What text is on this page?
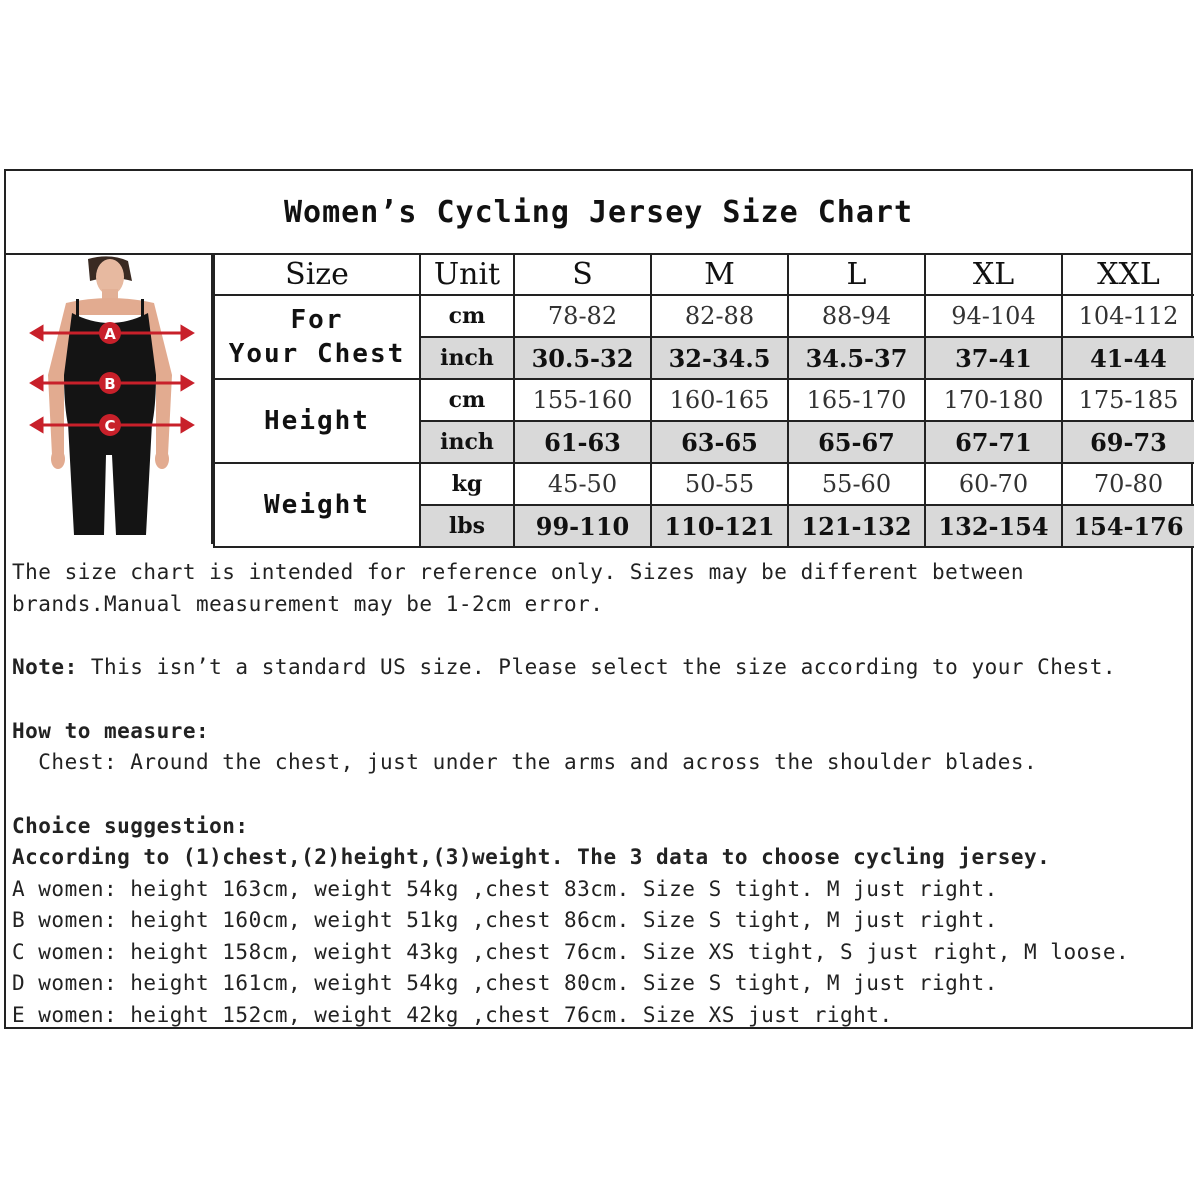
Women’s Cycling Jersey Size Chart
A
B
C
Size	Unit	S	M	L	XL	XXL

For
Your Chest	cm	78-82	82-88	88-94	94-104	104-112
	inch	30.5-32	32-34.5	34.5-37	37-41	41-44
Height	cm	155-160	160-165	165-170	170-180	175-185
	inch	61-63	63-65	65-67	67-71	69-73
Weight	kg	45-50	50-55	55-60	60-70	70-80
	lbs	99-110	110-121	121-132	132-154	154-176
The size chart is intended for reference only. Sizes may be different between
brands.Manual measurement may be 1-2cm error.
Note: This isn’t a standard US size. Please select the size according to your Chest.
How to measure:
Chest: Around the chest, just under the arms and across the shoulder blades.
Choice suggestion:
According to (1)chest,(2)height,(3)weight. The 3 data to choose cycling jersey.
A women: height 163cm, weight 54kg ,chest 83cm. Size S tight. M just right.
B women: height 160cm, weight 51kg ,chest 86cm. Size S tight, M just right.
C women: height 158cm, weight 43kg ,chest 76cm. Size XS tight, S just right, M loose.
D women: height 161cm, weight 54kg ,chest 80cm. Size S tight, M just right.
E women: height 152cm, weight 42kg ,chest 76cm. Size XS just right.
